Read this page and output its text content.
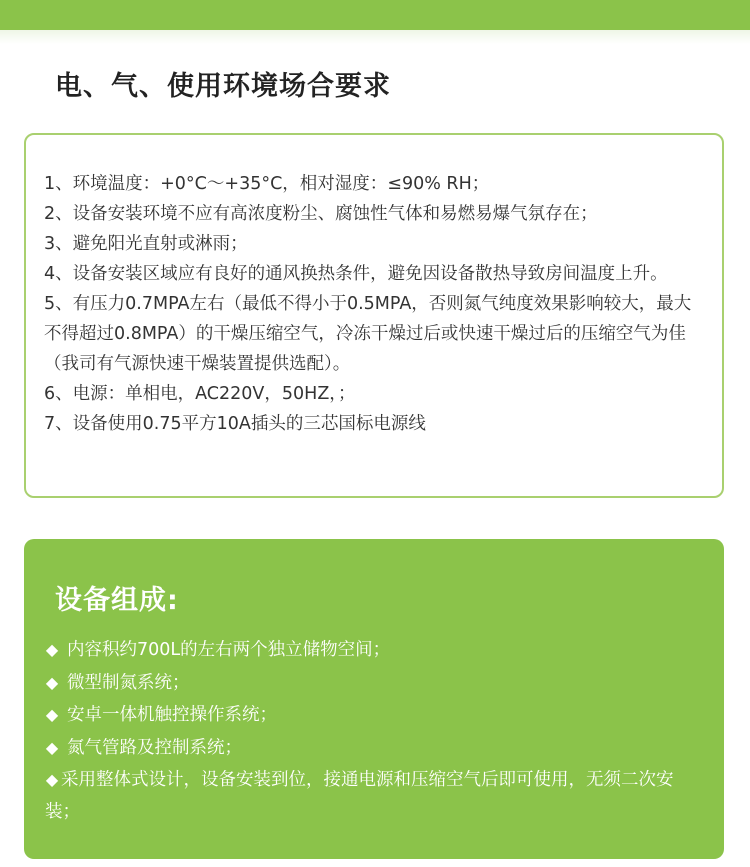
电、气、使用环境场合要求
1、环境温度：+0°C～+35°C，相对湿度：≤90% RH；
2、设备安装环境不应有高浓度粉尘、腐蚀性气体和易燃易爆气氛存在；
3、避免阳光直射或淋雨；
4、设备安装区域应有良好的通风换热条件，避免因设备散热导致房间温度上升。
5、有压力0.7MPA左右（最低不得小于0.5MPA，否则氮气纯度效果影响较大，最大不得超过0.8MPA）的干燥压缩空气，冷冻干燥过后或快速干燥过后的压缩空气为佳（我司有气源快速干燥装置提供选配）。
6、电源：单相电，AC220V，50HZ，；
7、设备使用0.75平方10A插头的三芯国标电源线
设备组成:
◆ 内容积约700L的左右两个独立储物空间；
◆ 微型制氮系统；
◆ 安卓一体机触控操作系统；
◆ 氮气管路及控制系统；
◆ 采用整体式设计，设备安装到位，接通电源和压缩空气后即可使用，无须二次安装；
